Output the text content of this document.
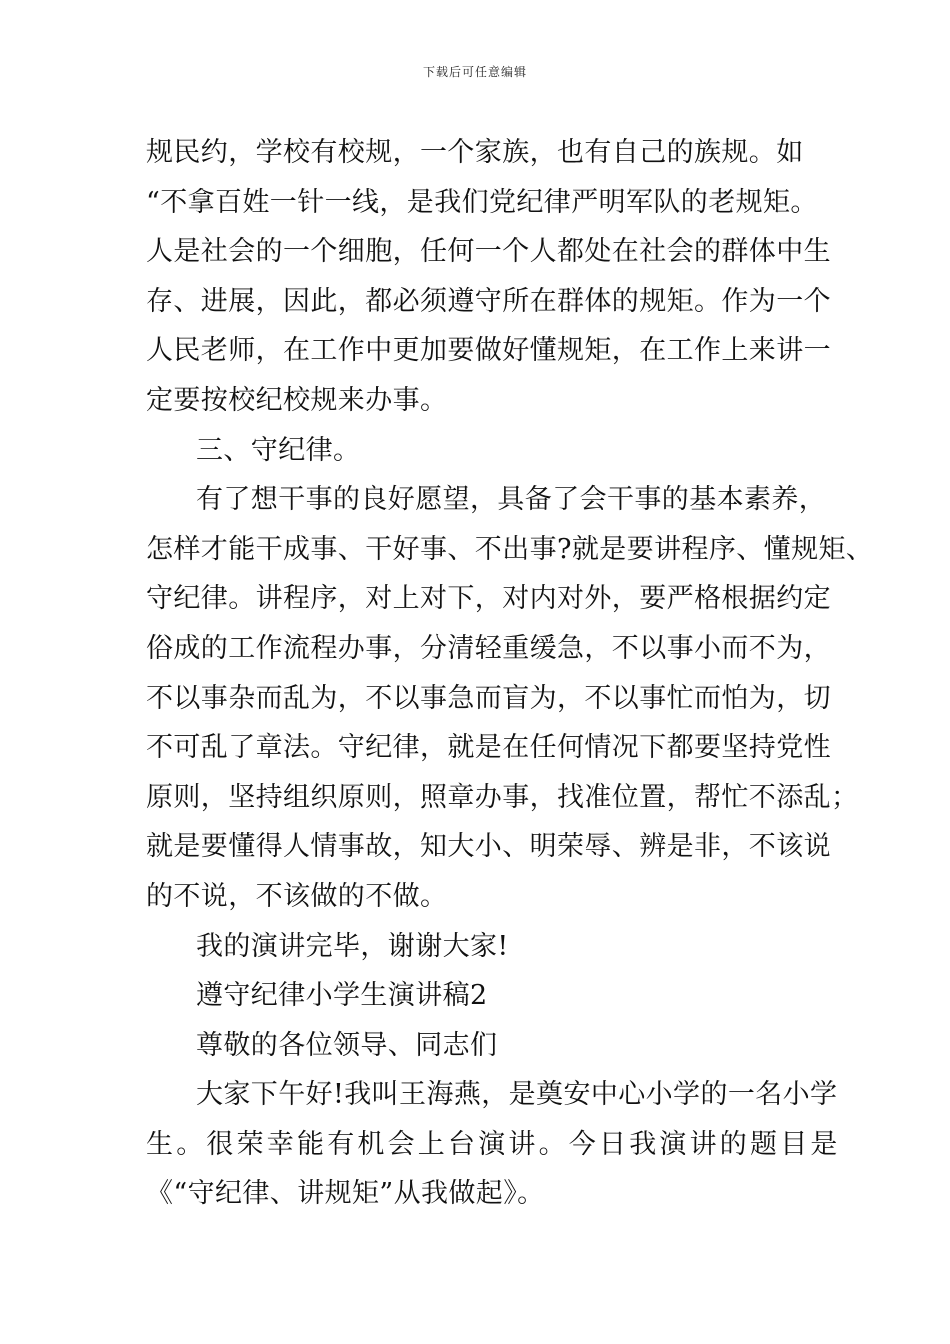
下载后可任意编辑
规民约，学校有校规，一个家族，也有自己的族规。如
“不拿百姓一针一线，是我们党纪律严明军队的老规矩。
人是社会的一个细胞，任何一个人都处在社会的群体中生
存、进展，因此，都必须遵守所在群体的规矩。作为一个
人民老师，在工作中更加要做好懂规矩，在工作上来讲一
定要按校纪校规来办事。
三、守纪律。
有了想干事的良好愿望，具备了会干事的基本素养，
怎样才能干成事、干好事、不出事?就是要讲程序、懂规矩、
守纪律。讲程序，对上对下，对内对外，要严格根据约定
俗成的工作流程办事，分清轻重缓急，不以事小而不为，
不以事杂而乱为，不以事急而盲为，不以事忙而怕为，切
不可乱了章法。守纪律，就是在任何情况下都要坚持党性
原则，坚持组织原则，照章办事，找准位置，帮忙不添乱；
就是要懂得人情事故，知大小、明荣辱、辨是非，不该说
的不说，不该做的不做。
我的演讲完毕，谢谢大家!
遵守纪律小学生演讲稿2
尊敬的各位领导、同志们
大家下午好!我叫王海燕，是奠安中心小学的一名小学
生。很荣幸能有机会上台演讲。今日我演讲的题目是
《“守纪律、讲规矩”从我做起》。
